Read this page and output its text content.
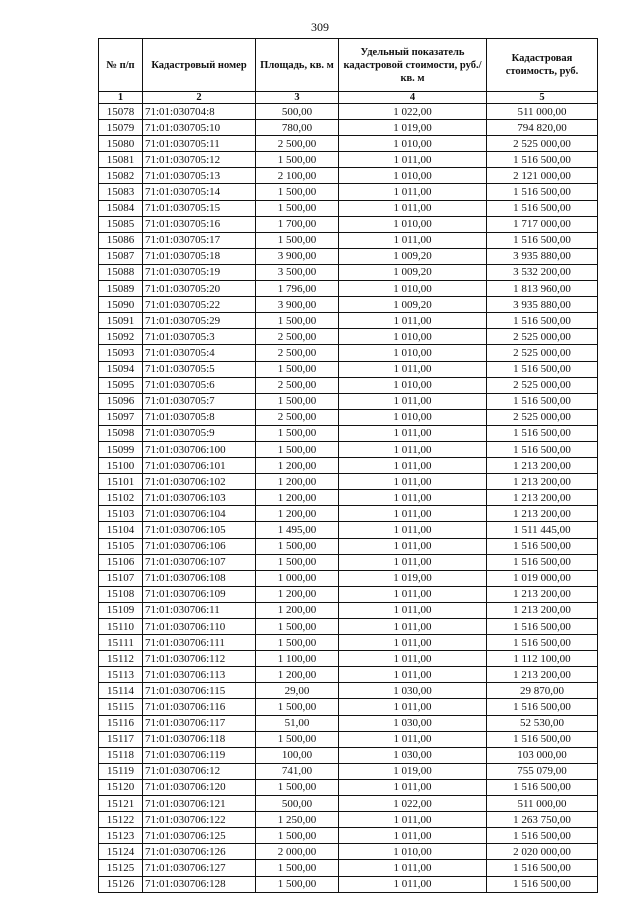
309
№ п/п	Кадастровый номер	Площадь, кв. м	Удельный показатель кадастровой стоимости, руб./кв. м	Кадастровая стоимость, руб.
1	2	3	4	5
15078	71:01:030704:8	500,00	1 022,00	511 000,00
15079	71:01:030705:10	780,00	1 019,00	794 820,00
15080	71:01:030705:11	2 500,00	1 010,00	2 525 000,00
15081	71:01:030705:12	1 500,00	1 011,00	1 516 500,00
15082	71:01:030705:13	2 100,00	1 010,00	2 121 000,00
15083	71:01:030705:14	1 500,00	1 011,00	1 516 500,00
15084	71:01:030705:15	1 500,00	1 011,00	1 516 500,00
15085	71:01:030705:16	1 700,00	1 010,00	1 717 000,00
15086	71:01:030705:17	1 500,00	1 011,00	1 516 500,00
15087	71:01:030705:18	3 900,00	1 009,20	3 935 880,00
15088	71:01:030705:19	3 500,00	1 009,20	3 532 200,00
15089	71:01:030705:20	1 796,00	1 010,00	1 813 960,00
15090	71:01:030705:22	3 900,00	1 009,20	3 935 880,00
15091	71:01:030705:29	1 500,00	1 011,00	1 516 500,00
15092	71:01:030705:3	2 500,00	1 010,00	2 525 000,00
15093	71:01:030705:4	2 500,00	1 010,00	2 525 000,00
15094	71:01:030705:5	1 500,00	1 011,00	1 516 500,00
15095	71:01:030705:6	2 500,00	1 010,00	2 525 000,00
15096	71:01:030705:7	1 500,00	1 011,00	1 516 500,00
15097	71:01:030705:8	2 500,00	1 010,00	2 525 000,00
15098	71:01:030705:9	1 500,00	1 011,00	1 516 500,00
15099	71:01:030706:100	1 500,00	1 011,00	1 516 500,00
15100	71:01:030706:101	1 200,00	1 011,00	1 213 200,00
15101	71:01:030706:102	1 200,00	1 011,00	1 213 200,00
15102	71:01:030706:103	1 200,00	1 011,00	1 213 200,00
15103	71:01:030706:104	1 200,00	1 011,00	1 213 200,00
15104	71:01:030706:105	1 495,00	1 011,00	1 511 445,00
15105	71:01:030706:106	1 500,00	1 011,00	1 516 500,00
15106	71:01:030706:107	1 500,00	1 011,00	1 516 500,00
15107	71:01:030706:108	1 000,00	1 019,00	1 019 000,00
15108	71:01:030706:109	1 200,00	1 011,00	1 213 200,00
15109	71:01:030706:11	1 200,00	1 011,00	1 213 200,00
15110	71:01:030706:110	1 500,00	1 011,00	1 516 500,00
15111	71:01:030706:111	1 500,00	1 011,00	1 516 500,00
15112	71:01:030706:112	1 100,00	1 011,00	1 112 100,00
15113	71:01:030706:113	1 200,00	1 011,00	1 213 200,00
15114	71:01:030706:115	29,00	1 030,00	29 870,00
15115	71:01:030706:116	1 500,00	1 011,00	1 516 500,00
15116	71:01:030706:117	51,00	1 030,00	52 530,00
15117	71:01:030706:118	1 500,00	1 011,00	1 516 500,00
15118	71:01:030706:119	100,00	1 030,00	103 000,00
15119	71:01:030706:12	741,00	1 019,00	755 079,00
15120	71:01:030706:120	1 500,00	1 011,00	1 516 500,00
15121	71:01:030706:121	500,00	1 022,00	511 000,00
15122	71:01:030706:122	1 250,00	1 011,00	1 263 750,00
15123	71:01:030706:125	1 500,00	1 011,00	1 516 500,00
15124	71:01:030706:126	2 000,00	1 010,00	2 020 000,00
15125	71:01:030706:127	1 500,00	1 011,00	1 516 500,00
15126	71:01:030706:128	1 500,00	1 011,00	1 516 500,00
